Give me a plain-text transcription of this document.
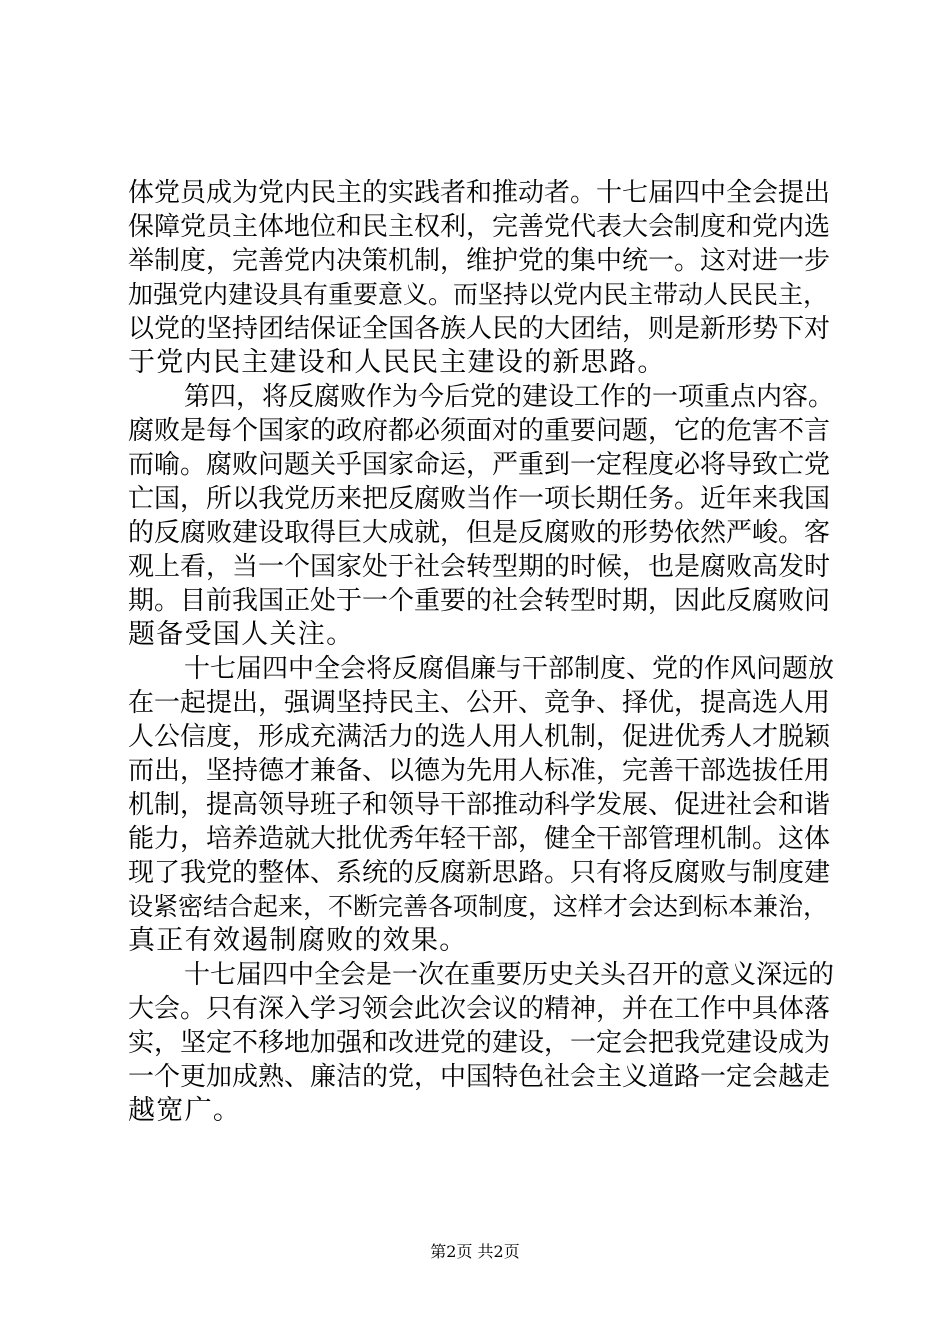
体党员成为党内民主的实践者和推动者。十七届四中全会提出
保障党员主体地位和民主权利，完善党代表大会制度和党内选
举制度，完善党内决策机制，维护党的集中统一。这对进一步
加强党内建设具有重要意义。而坚持以党内民主带动人民民主，
以党的坚持团结保证全国各族人民的大团结，则是新形势下对
于党内民主建设和人民民主建设的新思路。
第四，将反腐败作为今后党的建设工作的一项重点内容。
腐败是每个国家的政府都必须面对的重要问题，它的危害不言
而喻。腐败问题关乎国家命运，严重到一定程度必将导致亡党
亡国，所以我党历来把反腐败当作一项长期任务。近年来我国
的反腐败建设取得巨大成就，但是反腐败的形势依然严峻。客
观上看，当一个国家处于社会转型期的时候，也是腐败高发时
期。目前我国正处于一个重要的社会转型时期，因此反腐败问
题备受国人关注。
十七届四中全会将反腐倡廉与干部制度、党的作风问题放
在一起提出，强调坚持民主、公开、竞争、择优，提高选人用
人公信度，形成充满活力的选人用人机制，促进优秀人才脱颖
而出，坚持德才兼备、以德为先用人标准，完善干部选拔任用
机制，提高领导班子和领导干部推动科学发展、促进社会和谐
能力，培养造就大批优秀年轻干部，健全干部管理机制。这体
现了我党的整体、系统的反腐新思路。只有将反腐败与制度建
设紧密结合起来，不断完善各项制度，这样才会达到标本兼治，
真正有效遏制腐败的效果。
十七届四中全会是一次在重要历史关头召开的意义深远的
大会。只有深入学习领会此次会议的精神，并在工作中具体落
实，坚定不移地加强和改进党的建设，一定会把我党建设成为
一个更加成熟、廉洁的党，中国特色社会主义道路一定会越走
越宽广。
第2页 共2页
